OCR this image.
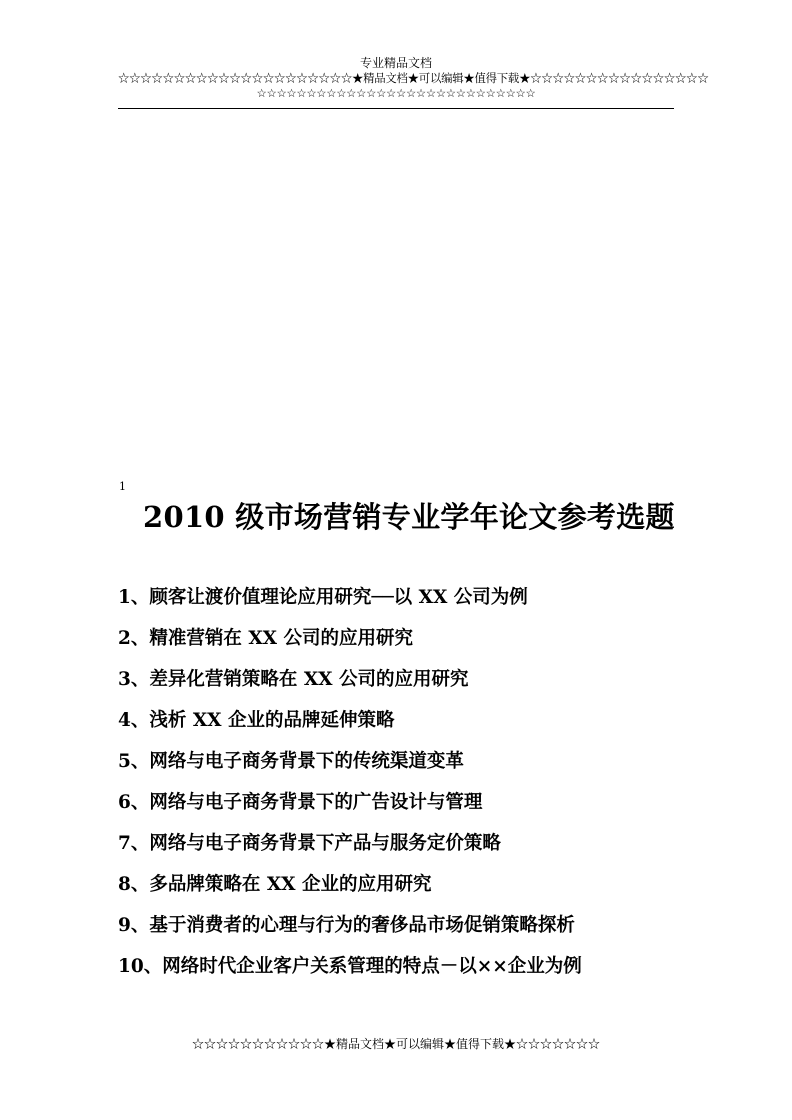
专业精品文档
☆☆☆☆☆☆☆☆☆☆☆☆☆☆☆☆☆☆☆☆☆★精品文档★可以编辑★值得下载★☆☆☆☆☆☆☆☆☆☆☆☆☆☆☆☆
☆☆☆☆☆☆☆☆☆☆☆☆☆☆☆☆☆☆☆☆☆☆☆☆☆☆☆☆
1
2010 级市场营销专业学年论文参考选题
1、顾客让渡价值理论应用研究──以 XX 公司为例
2、精准营销在 XX 公司的应用研究
3、差异化营销策略在 XX 公司的应用研究
4、浅析 XX 企业的品牌延伸策略
5、网络与电子商务背景下的传统渠道变革
6、网络与电子商务背景下的广告设计与管理
7、网络与电子商务背景下产品与服务定价策略
8、多品牌策略在 XX 企业的应用研究
9、基于消费者的心理与行为的奢侈品市场促销策略探析
10、网络时代企业客户关系管理的特点－以××企业为例
☆☆☆☆☆☆☆☆☆☆☆★精品文档★可以编辑★值得下载★☆☆☆☆☆☆☆
